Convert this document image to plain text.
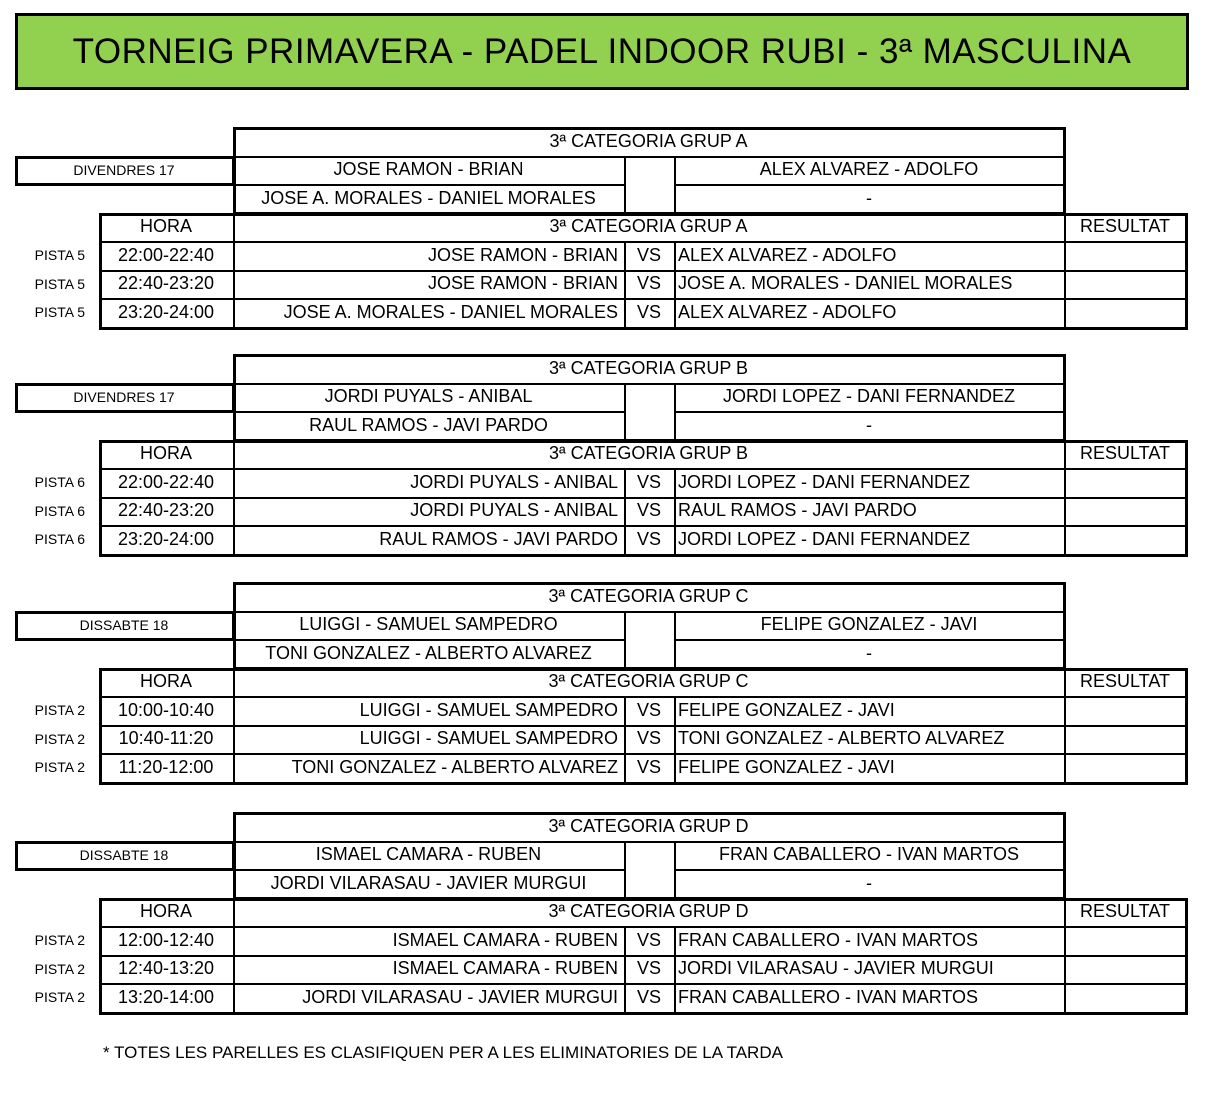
TORNEIG PRIMAVERA - PADEL INDOOR RUBI - 3ª MASCULINA
3ª CATEGORIA GRUP A
JOSE RAMON - BRIAN	ALEX ALVAREZ - ADOLFO
JOSE A. MORALES - DANIEL MORALES	-
DIVENDRES 17
HORA	3ª CATEGORIA GRUP A	RESULTAT
PISTA 5	22:00-22:40	JOSE RAMON - BRIAN	VS ALEX ALVAREZ - ADOLFO
PISTA 5	22:40-23:20	JOSE RAMON - BRIAN	VS JOSE A. MORALES - DANIEL MORALES
PISTA 5	23:20-24:00	JOSE A. MORALES - DANIEL MORALES	VS ALEX ALVAREZ - ADOLFO
3ª CATEGORIA GRUP B
JORDI PUYALS - ANIBAL	JORDI LOPEZ - DANI FERNANDEZ
RAUL RAMOS - JAVI PARDO	-
DIVENDRES 17
HORA	3ª CATEGORIA GRUP B	RESULTAT
PISTA 6	22:00-22:40	JORDI PUYALS - ANIBAL	VS JORDI LOPEZ - DANI FERNANDEZ
PISTA 6	22:40-23:20	JORDI PUYALS - ANIBAL	VS RAUL RAMOS - JAVI PARDO
PISTA 6	23:20-24:00	RAUL RAMOS - JAVI PARDO	VS JORDI LOPEZ - DANI FERNANDEZ
3ª CATEGORIA GRUP C
LUIGGI - SAMUEL SAMPEDRO	FELIPE GONZALEZ - JAVI
TONI GONZALEZ - ALBERTO ALVAREZ	-
DISSABTE 18
HORA	3ª CATEGORIA GRUP C	RESULTAT
PISTA 2	10:00-10:40	LUIGGI - SAMUEL SAMPEDRO	VS FELIPE GONZALEZ - JAVI
PISTA 2	10:40-11:20	LUIGGI - SAMUEL SAMPEDRO	VS TONI GONZALEZ - ALBERTO ALVAREZ
PISTA 2	11:20-12:00	TONI GONZALEZ - ALBERTO ALVAREZ	VS FELIPE GONZALEZ - JAVI
3ª CATEGORIA GRUP D
ISMAEL CAMARA - RUBEN	FRAN CABALLERO - IVAN MARTOS
JORDI VILARASAU - JAVIER MURGUI	-
DISSABTE 18
HORA	3ª CATEGORIA GRUP D	RESULTAT
PISTA 2	12:00-12:40	ISMAEL CAMARA - RUBEN	VS FRAN CABALLERO - IVAN MARTOS
PISTA 2	12:40-13:20	ISMAEL CAMARA - RUBEN	VS JORDI VILARASAU - JAVIER MURGUI
PISTA 2	13:20-14:00	JORDI VILARASAU - JAVIER MURGUI	VS FRAN CABALLERO - IVAN MARTOS
* TOTES LES PARELLES ES CLASIFIQUEN PER A LES ELIMINATORIES DE LA TARDA
